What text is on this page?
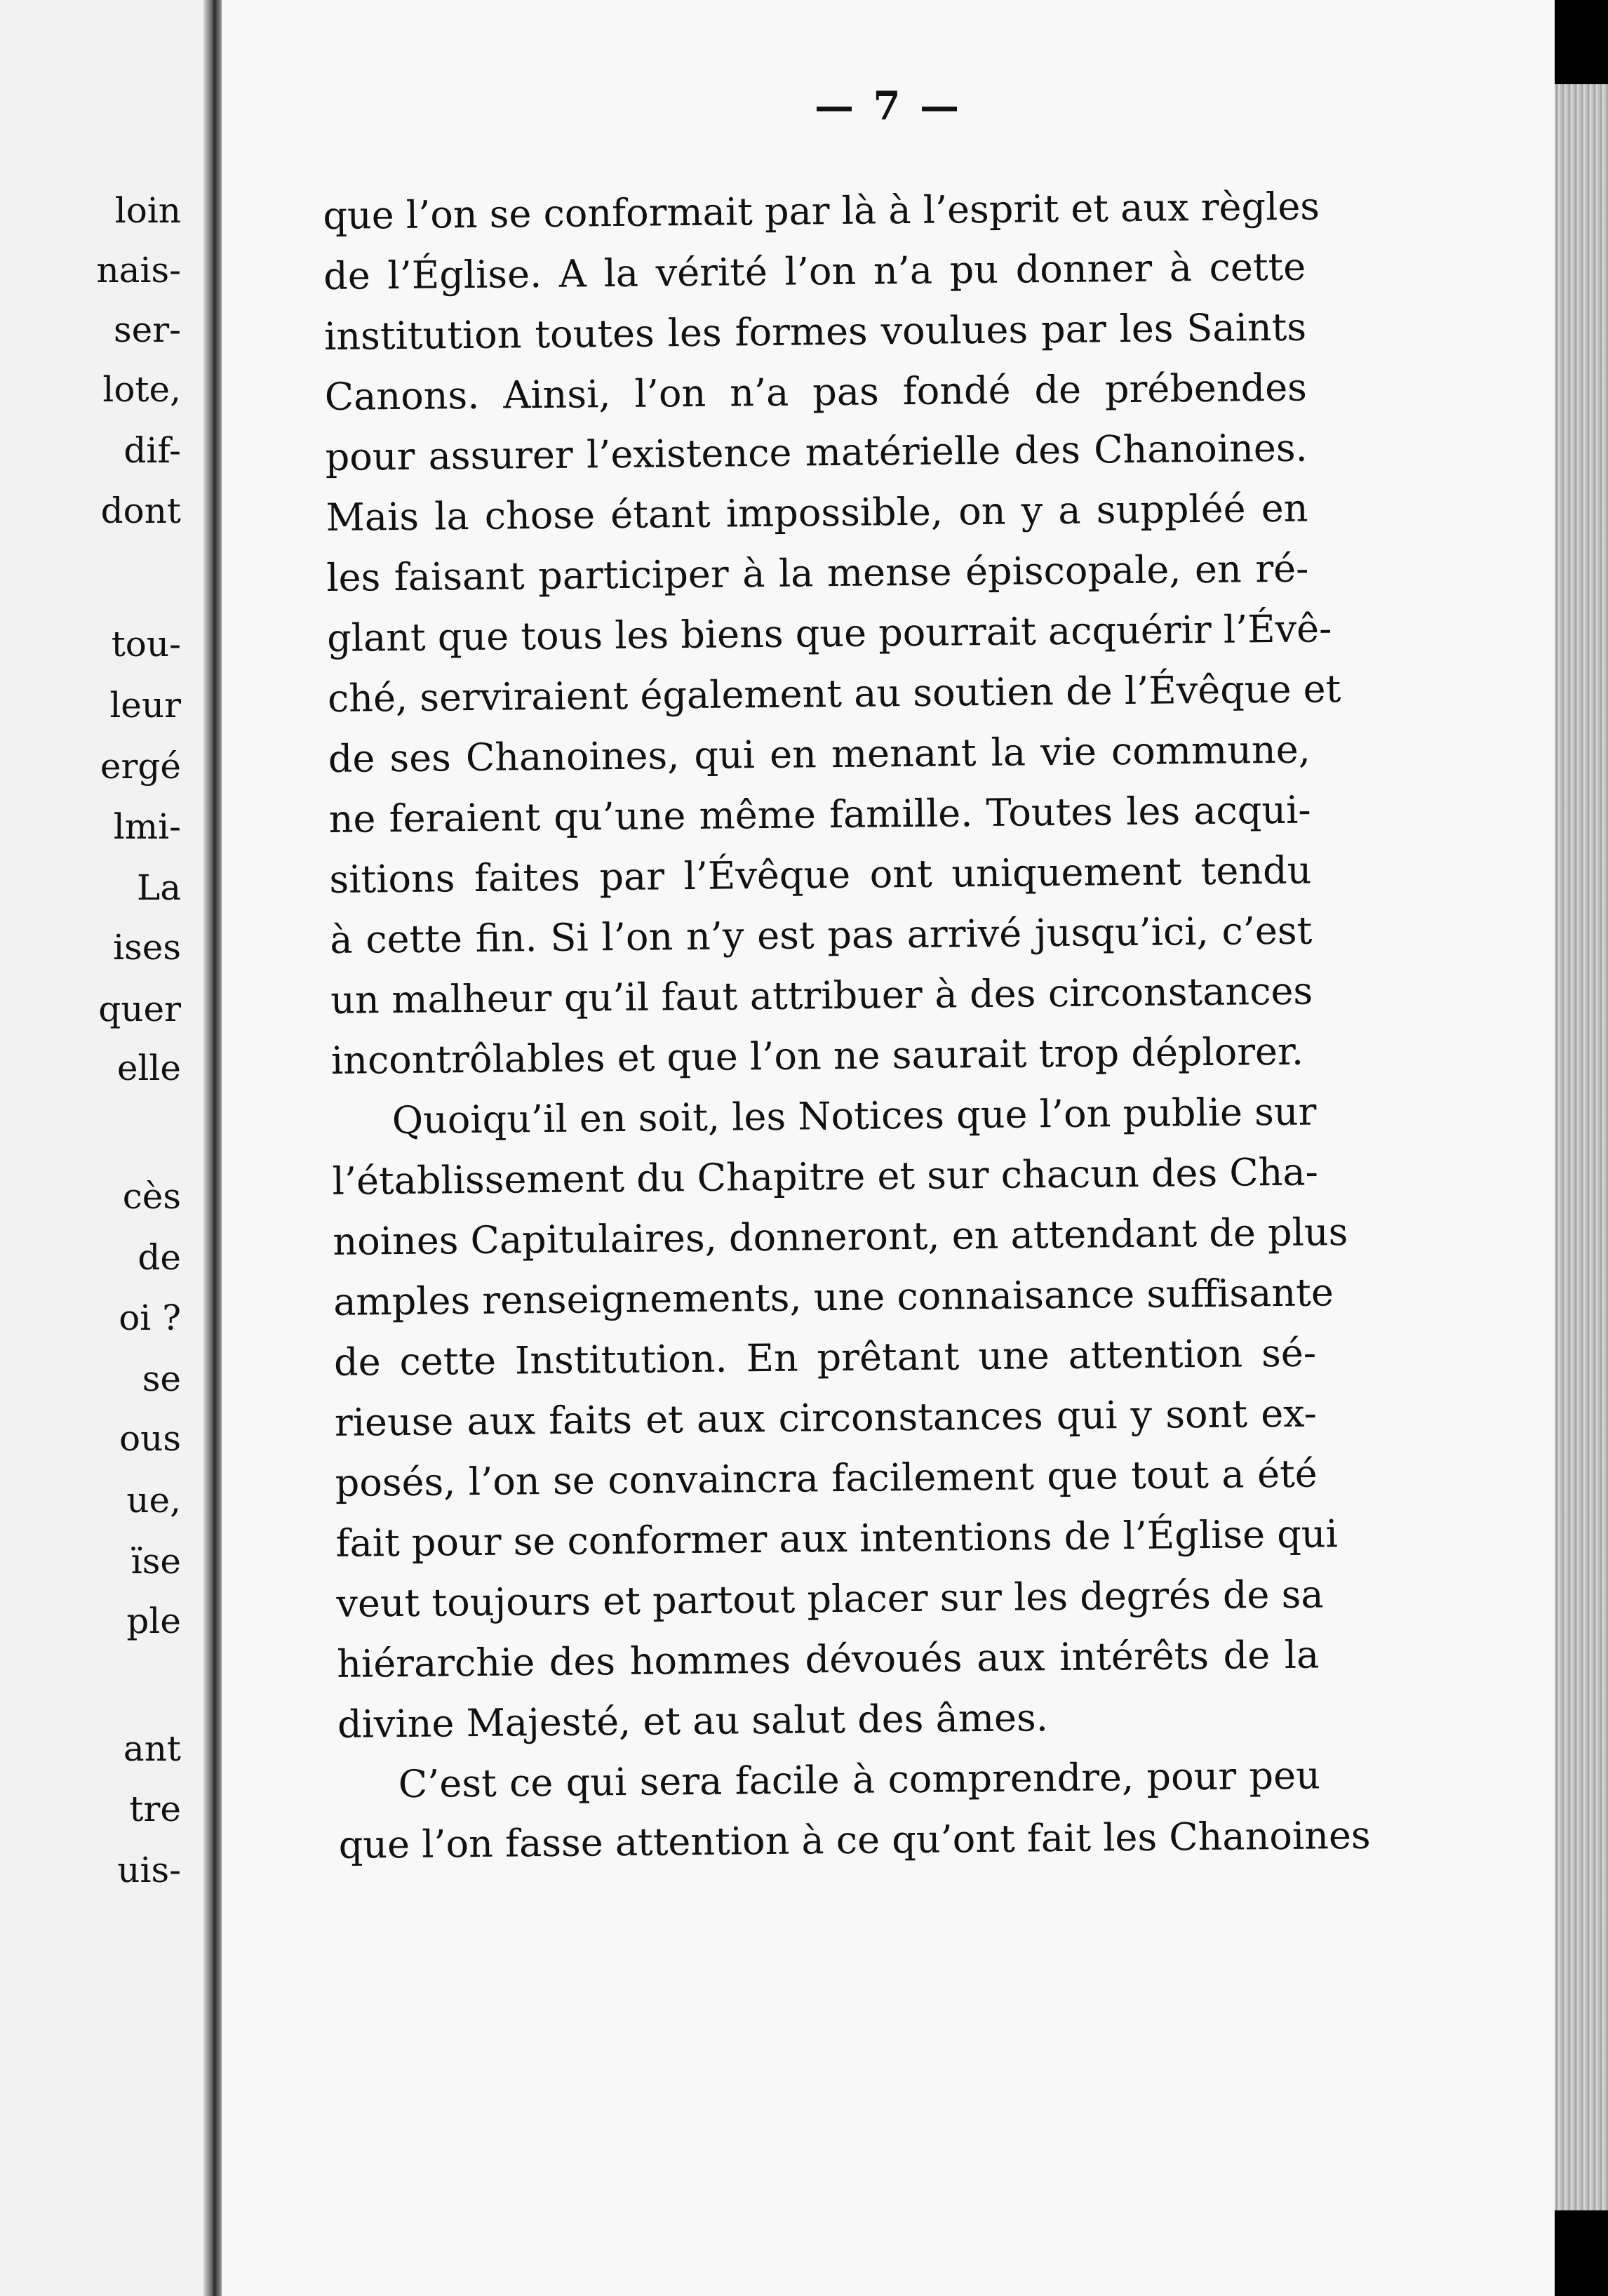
loin
nais-
ser-
lote,
dif-
dont
tou-
leur
ergé
lmi-
La
ises
quer
elle
cès
de
oi ?
se
ous
ue,
ïse
ple
ant
tre
uis-
— 7 —
que l’on se conformait par là à l’esprit et aux règles
de l’Église. A la vérité l’on n’a pu donner à cette
institution toutes les formes voulues par les Saints
Canons. Ainsi, l’on n’a pas fondé de prébendes
pour assurer l’existence matérielle des Chanoines.
Mais la chose étant impossible, on y a suppléé en
les faisant participer à la mense épiscopale, en ré-
glant que tous les biens que pourrait acquérir l’Évê-
ché, serviraient également au soutien de l’Évêque et
de ses Chanoines, qui en menant la vie commune,
ne feraient qu’une même famille. Toutes les acqui-
sitions faites par l’Évêque ont uniquement tendu
à cette fin. Si l’on n’y est pas arrivé jusqu’ici, c’est
un malheur qu’il faut attribuer à des circonstances
incontrôlables et que l’on ne saurait trop déplorer.
Quoiqu’il en soit, les Notices que l’on publie sur
l’établissement du Chapitre et sur chacun des Cha-
noines Capitulaires, donneront, en attendant de plus
amples renseignements, une connaisance suffisante
de cette Institution. En prêtant une attention sé-
rieuse aux faits et aux circonstances qui y sont ex-
posés, l’on se convaincra facilement que tout a été
fait pour se conformer aux intentions de l’Église qui
veut toujours et partout placer sur les degrés de sa
hiérarchie des hommes dévoués aux intérêts de la
divine Majesté, et au salut des âmes.
C’est ce qui sera facile à comprendre, pour peu
que l’on fasse attention à ce qu’ont fait les Chanoines
